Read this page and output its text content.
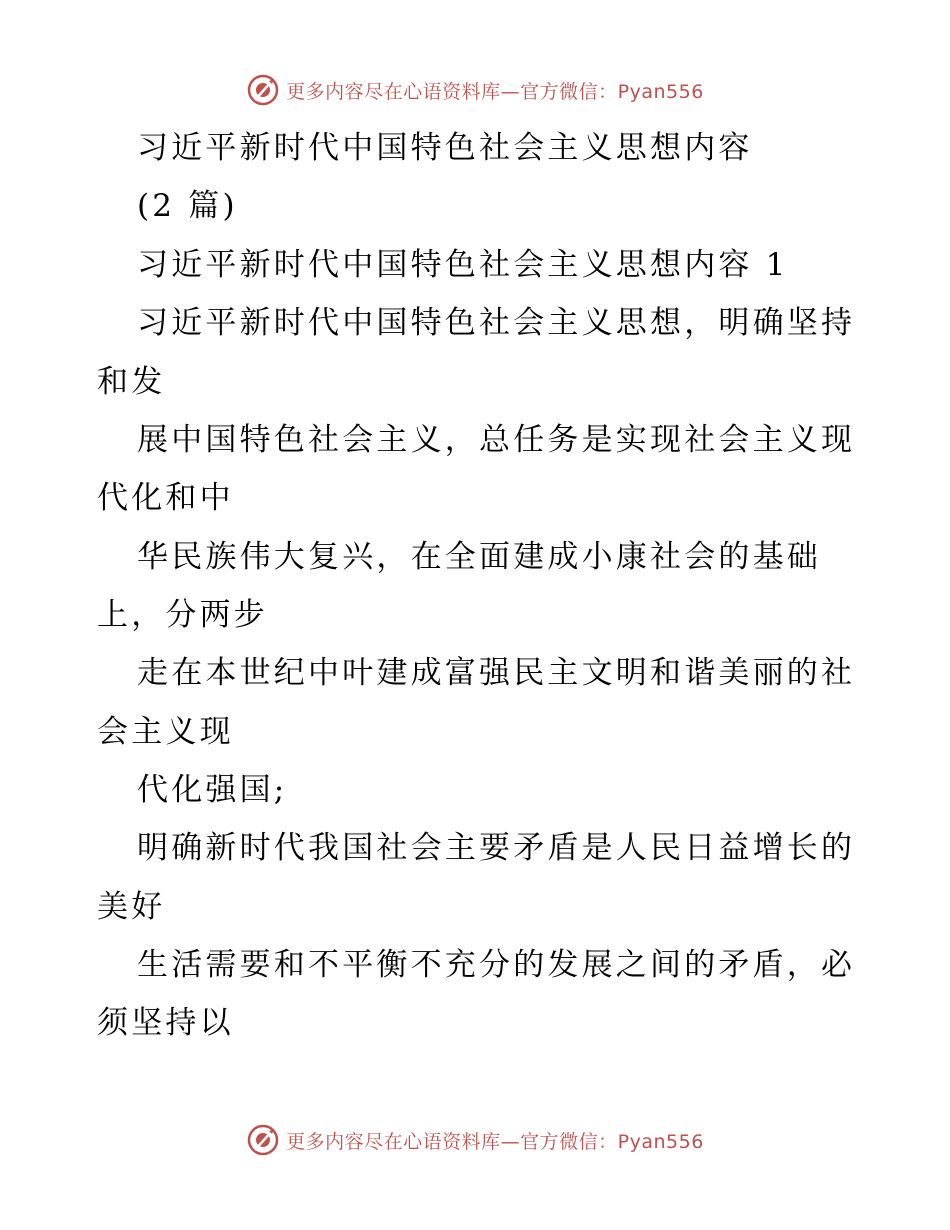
更多内容尽在心语资料库—官方微信：Pyan556
习近平新时代中国特色社会主义思想内容
(2 篇)
习近平新时代中国特色社会主义思想内容 1
习近平新时代中国特色社会主义思想，明确坚持
和发
展中国特色社会主义，总任务是实现社会主义现
代化和中
华民族伟大复兴，在全面建成小康社会的基础
上，分两步
走在本世纪中叶建成富强民主文明和谐美丽的社
会主义现
代化强国;
明确新时代我国社会主要矛盾是人民日益增长的
美好
生活需要和不平衡不充分的发展之间的矛盾，必
须坚持以
更多内容尽在心语资料库—官方微信：Pyan556
